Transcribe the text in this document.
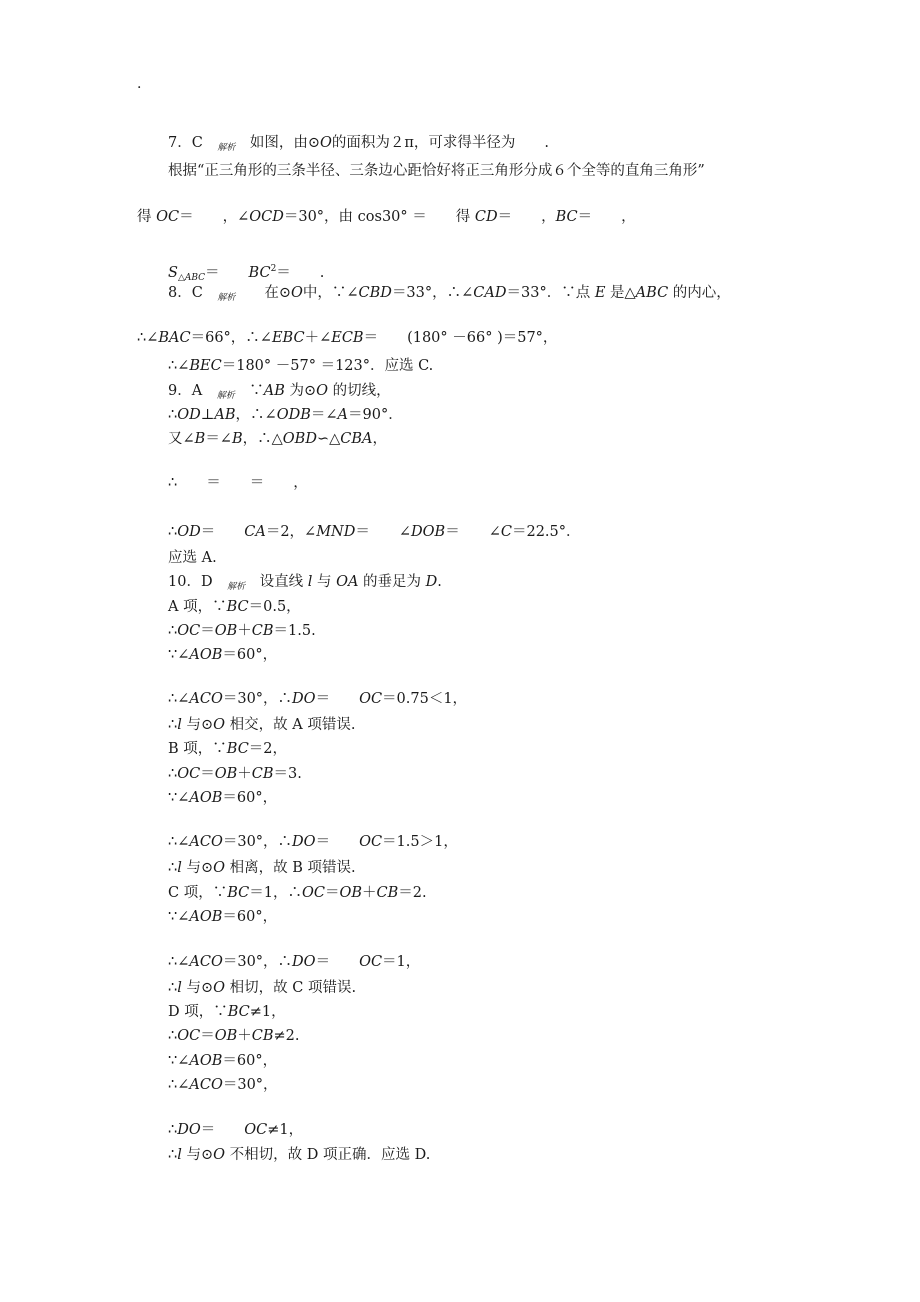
·
7．C　$_{解析}$　如图，由⊙O的面积为２π，可求得半径为　　.
根据“正三角形的三条半径、三条边心距恰好将正三角形分成６个全等的直角三角形”
得 OC＝　　，∠OCD＝30°，由 cos30° ＝　　得 CD＝　　，BC＝　　，
$S_{\triangle ABC}=$　　$BC^2=$　　.
8．C　$_{解析}$　　在⊙O中，∵∠CBD＝33°，∴∠CAD＝33°．∵点 E 是△ABC 的内心，
∴∠BAC＝66°，∴∠EBC＋∠ECB＝　　(180° －66° )＝57°，
∴∠BEC＝180° －57° ＝123°．应选 C.
9．A　$_{解析}$　∵AB 为⊙O 的切线，
∴OD⊥AB，∴∠ODB＝∠A＝90°．
又∠B＝∠B，∴△OBD∽△CBA，
∴　　＝　　＝　　，
∴OD＝　　CA＝2，∠MND＝　　∠DOB＝　　∠C＝22.5°．
应选 A.
10．D　$_{解析}$　设直线 l 与 OA 的垂足为 D.
A 项，∵BC＝0.5，
∴OC＝OB＋CB＝1.5.
∵∠AOB＝60°，
∴∠ACO＝30°，∴DO＝　　OC＝0.75＜1，
∴l 与⊙O 相交，故 A 项错误.
B 项，∵BC＝2，
∴OC＝OB＋CB＝3.
∵∠AOB＝60°，
∴∠ACO＝30°，∴DO＝　　OC＝1.5＞1，
∴l 与⊙O 相离，故 B 项错误.
C 项，∵BC＝1，∴OC＝OB＋CB＝2.
∵∠AOB＝60°，
∴∠ACO＝30°，∴DO＝　　OC＝1，
∴l 与⊙O 相切，故 C 项错误.
D 项，∵BC≠1，
∴OC＝OB＋CB≠2.
∵∠AOB＝60°，
∴∠ACO＝30°，
∴DO＝　　OC≠1，
∴l 与⊙O 不相切，故 D 项正确．应选 D.
